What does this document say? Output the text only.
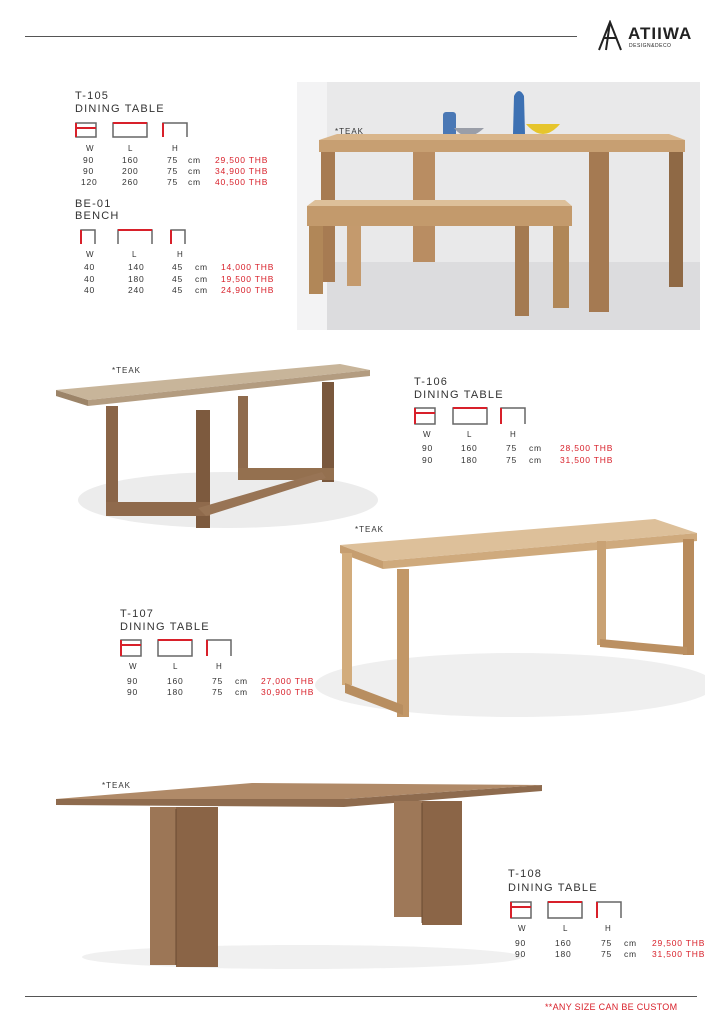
ATIIWA
DESIGN&DECO
T-105
DINING TABLE
W	L	H
90	160	75 cm 29,500 THB
90	200	75 cm 34,900 THB
120	260	75 cm 40,500 THB
BE-01
BENCH
W	L	H
40	140	45 cm 14,000 THB
40	180	45 cm 19,500 THB
40	240	45 cm 24,900 THB
*TEAK
*TEAK
T-106
DINING TABLE
W	L	H
90	160	75 cm 28,500 THB
90	180	75 cm 31,500 THB
*TEAK
T-107
DINING TABLE
W	L	H
90	160	75 cm 27,000 THB
90	180	75 cm 30,900 THB
*TEAK
T-108
DINING TABLE
W	L	H
90	160	75 cm 29,500 THB
90	180	75 cm 31,500 THB
**ANY SIZE CAN BE CUSTOM
